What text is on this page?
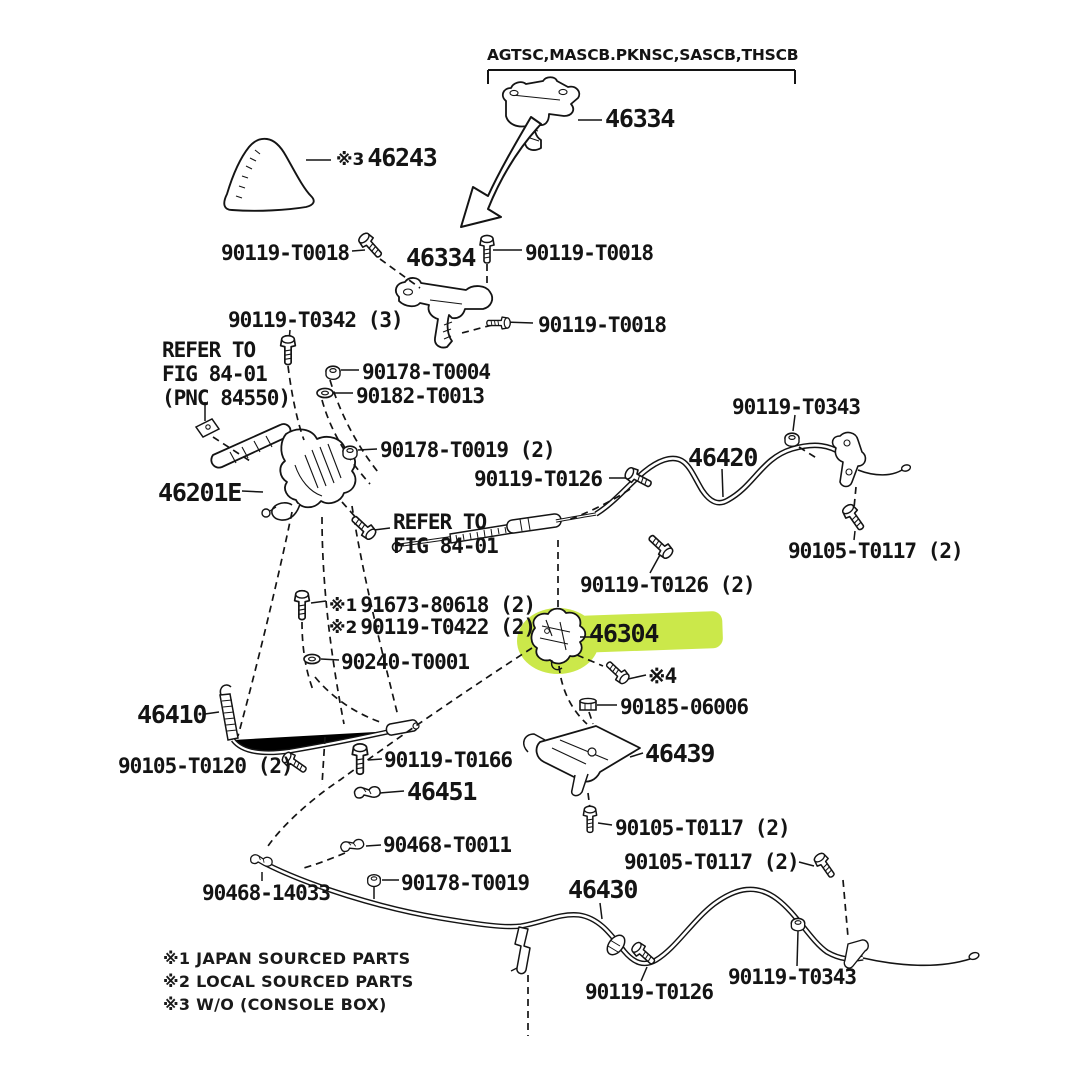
AGTSC,MASCB.PKNSC,SASCB,THSCB
46334
※3 46243
90119-T0018 46334 90119-T0018
90119-T0018
90119-T0342 (3)
REFER TO
FIG 84-01
(PNC 84550)
90178-T0004
90182-T0013	90119-T0343
90178-T0019 (2)	46420
90119-T0126
46201E
90105-T0117 (2)
REFER TO
FIG 84-01
90119-T0126 (2)
※1 91673-80618 (2)
※2 90119-T0422 (2) 46304
90240-T0001
※4
46410	90185-06006
90105-T0120 (2)	90119-T0166	46439
46451
90105-T0117 (2)
90468-T0011
90105-T0117 (2)
90178-T0019
90468-14033	46430
90119-T0343
90119-T0126
※1 JAPAN SOURCED PARTS
※2 LOCAL SOURCED PARTS
※3 W/O (CONSOLE BOX)
